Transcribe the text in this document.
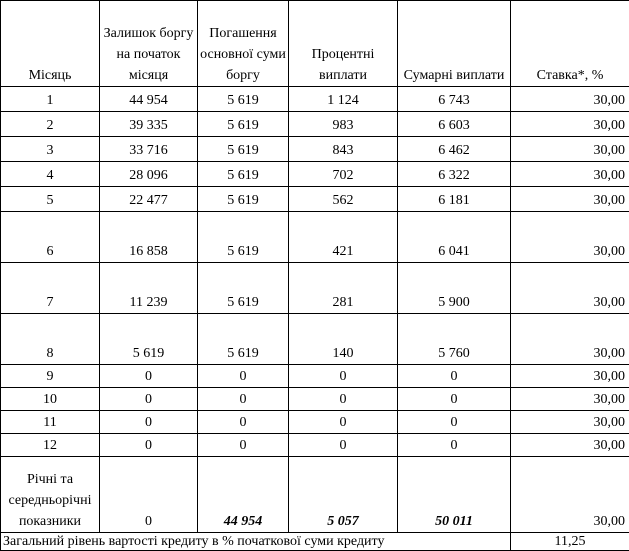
Місяць	Залишок боргу на початок місяця	Погашення основної суми боргу	Процентні виплати	Сумарні виплати	Ставка*, %
1	44 954	5 619	1 124	6 743	30,00
2	39 335	5 619	983	6 603	30,00
3	33 716	5 619	843	6 462	30,00
4	28 096	5 619	702	6 322	30,00
5	22 477	5 619	562	6 181	30,00
6	16 858	5 619	421	6 041	30,00
7	11 239	5 619	281	5 900	30,00
8	5 619	5 619	140	5 760	30,00
9	0	0	0	0	30,00
10	0	0	0	0	30,00
11	0	0	0	0	30,00
12	0	0	0	0	30,00
Річні та середньорічні показники	0	44 954	5 057	50 011	30,00
Загальний рівень вартості кредиту в % початкової суми кредиту					11,25
